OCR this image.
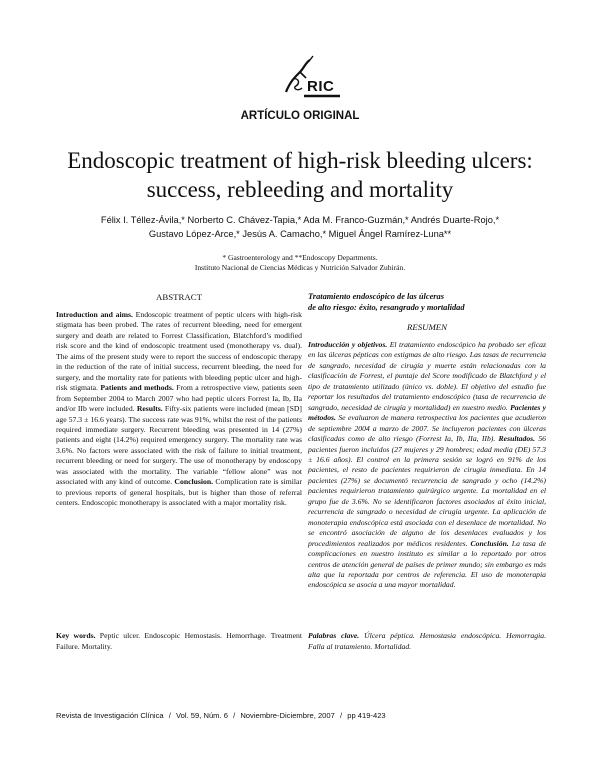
RIC
ARTÍCULO ORIGINAL
Endoscopic treatment of high-risk bleeding ulcers: success, rebleeding and mortality
Félix I. Téllez-Ávila,* Norberto C. Chávez-Tapia,* Ada M. Franco-Guzmán,* Andrés Duarte-Rojo,*
Gustavo López-Arce,* Jesús A. Camacho,* Miguel Ángel Ramírez-Luna**
* Gastroenterology and **Endoscopy Departments.
Instituto Nacional de Ciencias Médicas y Nutrición Salvador Zubirán.
ABSTRACT

Introduction and aims. Endoscopic treatment of peptic ulcers with high-risk stigmata has been probed. The rates of recurrent bleeding, need for emergent surgery and death are related to Forrest Classification, Blatchford’s modified risk score and the kind of endoscopic treatment used (monotherapy vs. dual). The aims of the present study were to report the success of endoscopic therapy in the reduction of the rate of initial success, recurrent bleeding, the need for surgery, and the mortality rate for patients with bleeding peptic ulcer and high-risk stigmata. Patients and methods. From a retrospective view, patients seen from September 2004 to March 2007 who had peptic ulcers Forrest Ia, Ib, IIa and/or IIb were included. Results. Fifty-six patients were included (mean [SD] age 57.3 ± 16.6 years). The success rate was 91%, whilst the rest of the patients required immediate surgery. Recurrent bleeding was presented in 14 (27%) patients and eight (14.2%) required emergency surgery. The mortality rate was 3.6%. No factors were associated with the risk of failure to initial treatment, recurrent bleeding or need for surgery. The use of monotherapy by endoscopy was associated with the mortality. The variable “fellow alone” was not associated with any kind of outcome. Conclusion. Complication rate is similar to previous reports of general hospitals, but is higher than those of referral centers. Endoscopic monotherapy is associated with a major mortality risk.

Tratamiento endoscópico de las úlceras
de alto riesgo: éxito, resangrado y mortalidad
RESUMEN

Introducción y objetivos. El tratamiento endoscópico ha probado ser eficaz en las úlceras pépticas con estigmas de alto riesgo. Las tasas de recurrencia de sangrado, necesidad de cirugía y muerte están relacionadas con la clasificación de Forrest, el puntaje del Score modificado de Blatchford y el tipo de tratamiento utilizado (único vs. doble). El objetivo del estudio fue reportar los resultados del tratamiento endoscópico (tasa de recurrencia de sangrado, necesidad de cirugía y mortalidad) en nuestro medio. Pacientes y métodos. Se evaluaron de manera retrospectiva los pacientes que acudieron de septiembre 2004 a marzo de 2007. Se incluyeron pacientes con úlceras clasificadas como de alto riesgo (Forrest Ia, Ib, IIa, IIb). Resultados. 56 pacientes fueron incluidos (27 mujeres y 29 hombres; edad media (DE) 57.3 ± 16.6 años). El control en la primera sesión se logró en 91% de los pacientes, el resto de pacientes requirieron de cirugía inmediata. En 14 pacientes (27%) se documentó recurrencia de sangrado y ocho (14.2%) pacientes requirieron tratamiento quirúrgico urgente. La mortalidad en el grupo fue de 3.6%. No se identificaron factores asociados al éxito inicial, recurrencia de sangrado o necesidad de cirugía urgente. La aplicación de monoterapia endoscópica está asociada con el desenlace de mortalidad. No se encontró asociación de alguno de los desenlaces evaluados y los procedimientos realizados por médicos residentes. Conclusión. La tasa de complicaciones en nuestro instituto es similar a lo reportado por otros centros de atención general de países de primer mundo; sin embargo es más alta que la reportada por centros de referencia. El uso de monoterapia endoscópica se asocia a una mayor mortalidad.

Key words. Peptic ulcer. Endoscopic Hemostasis. Hemorrhage. Treatment Failure. Mortality.
Palabras clave. Úlcera péptica. Hemostasia endoscópica. Hemorragia. Falla al tratamiento. Mortalidad.
Revista de Investigación Clínica / Vol. 59, Núm. 6 / Noviembre-Diciembre, 2007 / pp 419-423
